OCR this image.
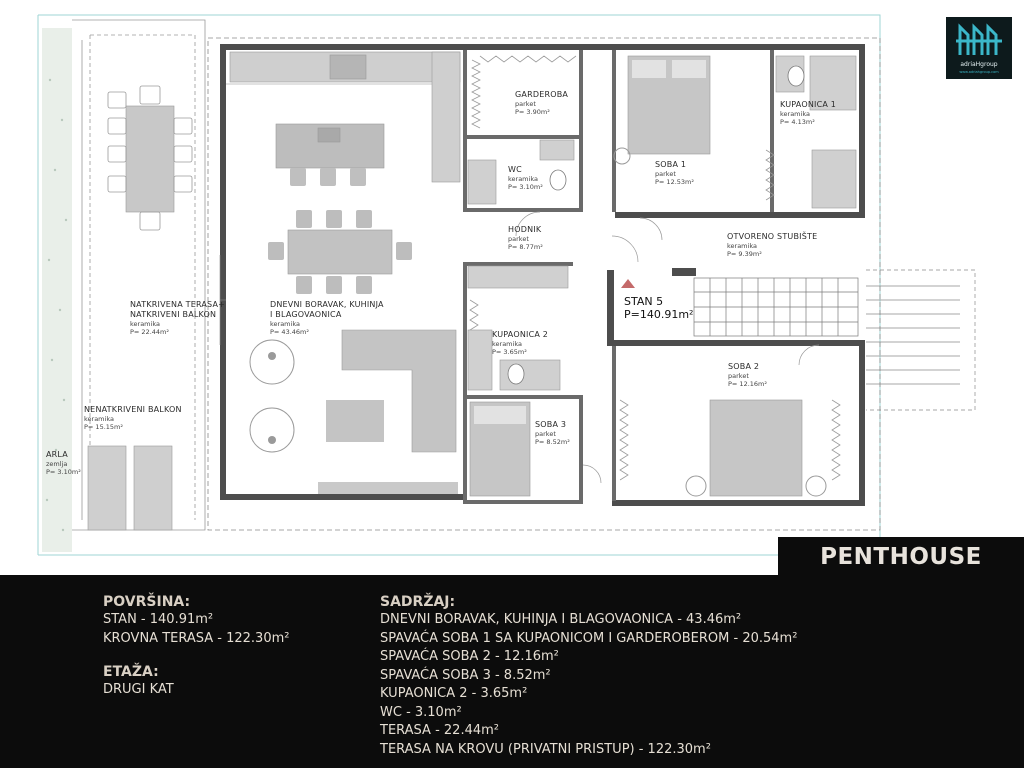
GARDEROBA
parket
P= 3.90m²
WC
keramika
P= 3.10m²
SOBA 1
parket
P= 12.53m²
KUPAONICA 1
keramika
P= 4.13m²
HODNIK
parket
P= 8.77m²
OTVORENO STUBIŠTE
keramika
P= 9.39m²
NATKRIVENA TERASA+ NATKRIVENI BALKON
keramika
P= 22.44m²
DNEVNI BORAVAK, KUHINJA I BLAGOVAONICA
keramika
P= 43.46m²	KUPAONICA 2
keramika
P= 3.65m²
SOBA 2
parket
P= 12.16m²
NENATKRIVENI BALKON
keramika
P= 15.15m²	SOBA 3
parket
P= 8.52m²
ARLA
zemlja
P= 3.10m²
STAN 5
P=140.91m²
adriaHgroup
www.adriahgroup.com
PENTHOUSE
POVRŠINA:
STAN - 140.91m²
KROVNA TERASA - 122.30m²
ETAŽA:
DRUGI KAT
SADRŽAJ:
DNEVNI BORAVAK, KUHINJA I BLAGOVAONICA - 43.46m²
SPAVAĆA SOBA 1 SA KUPAONICOM I GARDEROBEROM - 20.54m²
SPAVAĆA SOBA 2 - 12.16m²
SPAVAĆA SOBA 3 - 8.52m²
KUPAONICA 2 - 3.65m²
WC - 3.10m²
TERASA - 22.44m²
TERASA NA KROVU (PRIVATNI PRISTUP) - 122.30m²
